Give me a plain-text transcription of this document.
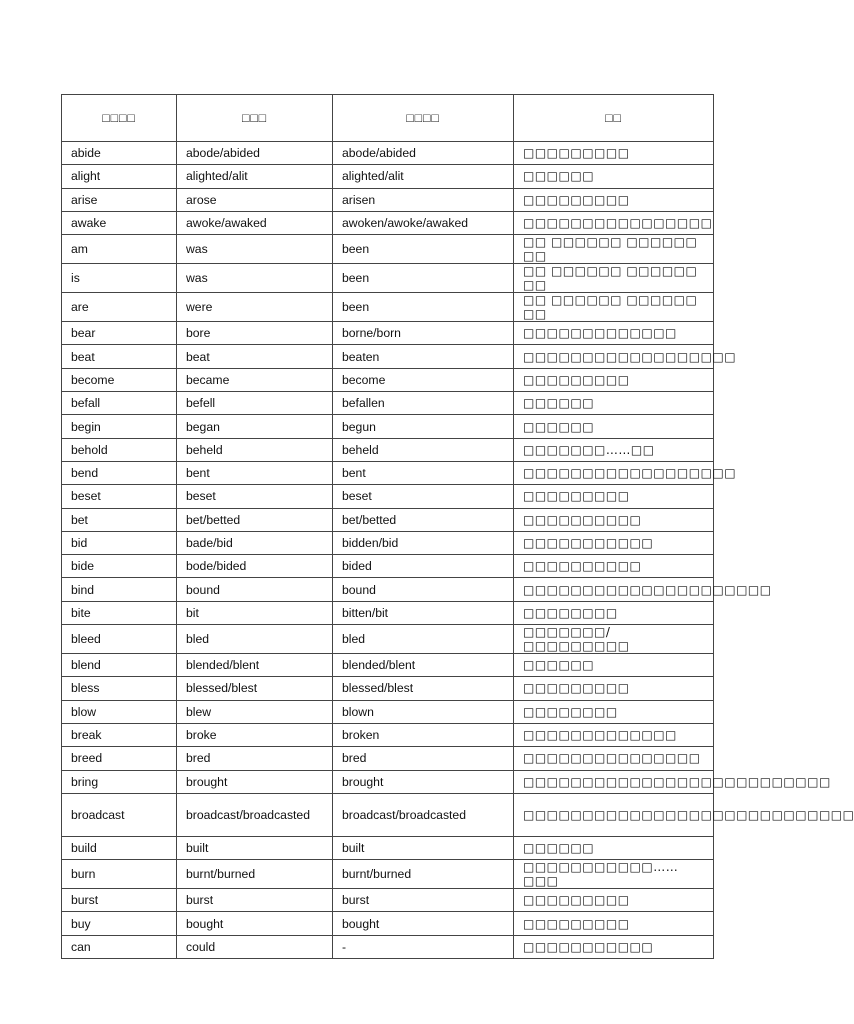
□□□□	□□□	□□□□	□□
abide	abode/abided	abode/abided	□□□□□□□□□
alight	alighted/alit	alighted/alit	□□□□□□
arise	arose	arisen	□□□□□□□□□
awake	awoke/awaked	awoken/awoke/awaked	□□□□□□□□□□□□□□□□
am	was	been	□□ □□□□□□ □□□□□□ □□
is	was	been	□□ □□□□□□ □□□□□□ □□
are	were	been	□□ □□□□□□ □□□□□□ □□
bear	bore	borne/born	□□□□□□□□□□□□□
beat	beat	beaten	□□□□□□□□□□□□□□□□□□
become	became	become	□□□□□□□□□
befall	befell	befallen	□□□□□□
begin	began	begun	□□□□□□
behold	beheld	beheld	□□□□□□□……□□
bend	bent	bent	□□□□□□□□□□□□□□□□□□
beset	beset	beset	□□□□□□□□□
bet	bet/betted	bet/betted	□□□□□□□□□□
bid	bade/bid	bidden/bid	□□□□□□□□□□□
bide	bode/bided	bided	□□□□□□□□□□
bind	bound	bound	□□□□□□□□□□□□□□□□□□□□□
bite	bit	bitten/bit	□□□□□□□□
bleed	bled	bled	□□□□□□□/□□□□□□□□□
blend	blended/blent	blended/blent	□□□□□□
bless	blessed/blest	blessed/blest	□□□□□□□□□
blow	blew	blown	□□□□□□□□
break	broke	broken	□□□□□□□□□□□□□
breed	bred	bred	□□□□□□□□□□□□□□□
bring	brought	brought	□□□□□□□□□□□□□□□□□□□□□□□□□□
broadcast	broadcast/broadcasted	broadcast/broadcasted	□□□□□□□□□□□□□□□□□□□□□□□□□□□□
build	built	built	□□□□□□
burn	burnt/burned	burnt/burned	□□□□□□□□□□□……□□□
burst	burst	burst	□□□□□□□□□
buy	bought	bought	□□□□□□□□□
can	could	-	□□□□□□□□□□□
